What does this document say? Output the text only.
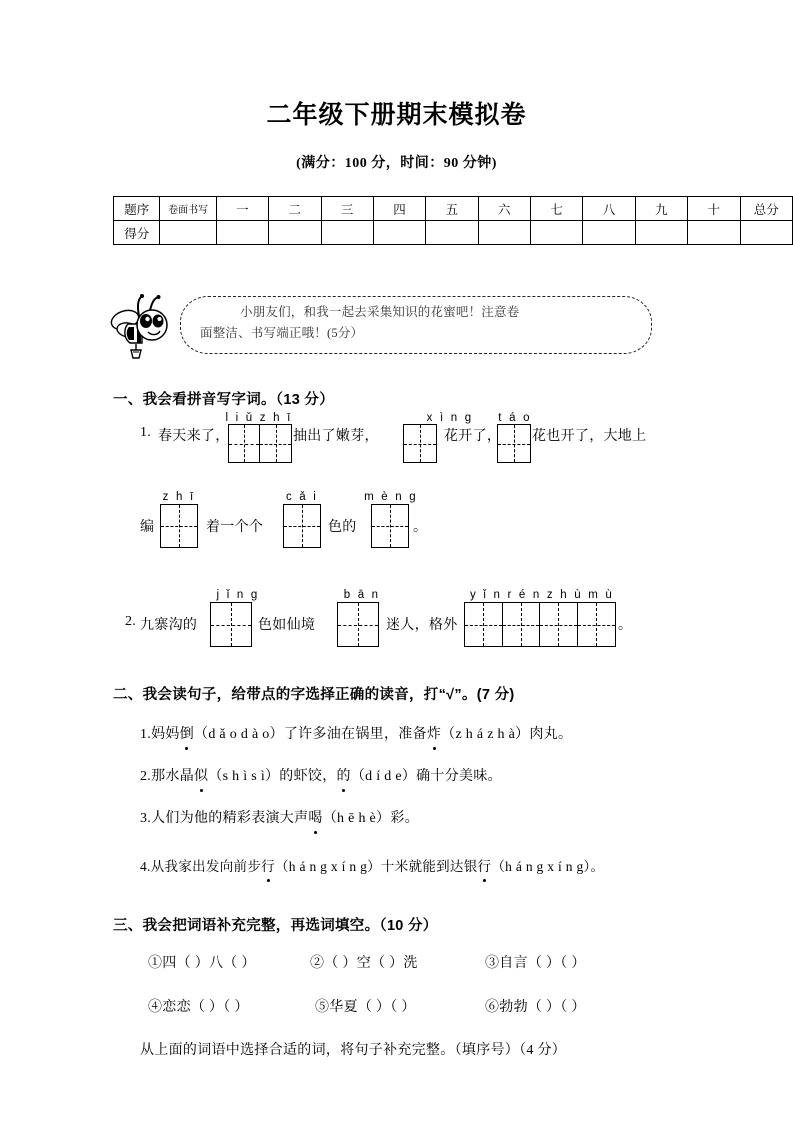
二年级下册期末模拟卷
(满分：100 分，时间：90 分钟)
题序	卷面书写	一	二	三	四	五	六	七	八	九	十	总分
得分												
小朋友们，和我一起去采集知识的花蜜吧！注意卷
面整洁、书写端正哦！(5分）
一、我会看拼音写字词。（13 分）
l i ǔ z h ī	x ì n g	t á o
1. 春天来了，	抽出了嫩芽，	花开了， 花也开了，大地上
z h ī	c ǎ i	m è n g
编	着一个个	色的	。
j ǐ n g	b ā n	y ǐ n r é n z h ù m ù
2. 九寨沟的	色如仙境	迷人，格外	。
二、我会读句子，给带点的字选择正确的读音，打“√”。(7 分)
1.妈妈倒（d ǎ o d à o）了许多油在锅里，准备炸（z h á z h à）肉丸。
2.那水晶似（s h ì s ì）的虾饺，的（d í d e）确十分美味。
3.人们为他的精彩表演大声喝（h ē h è）彩。
4.从我家出发向前步行（h á n g x í n g）十米就能到达银行（h á n g x í n g）。
三、我会把词语补充完整，再选词填空。（10 分）
①四（ ）八（ ）	②（ ）空（ ）洗	③自言（ ）（ ）
④恋恋（ ）（ ）	⑤华夏（ ）（ ）	⑥勃勃（ ）（ ）
从上面的词语中选择合适的词，将句子补充完整。（填序号）（4 分）
